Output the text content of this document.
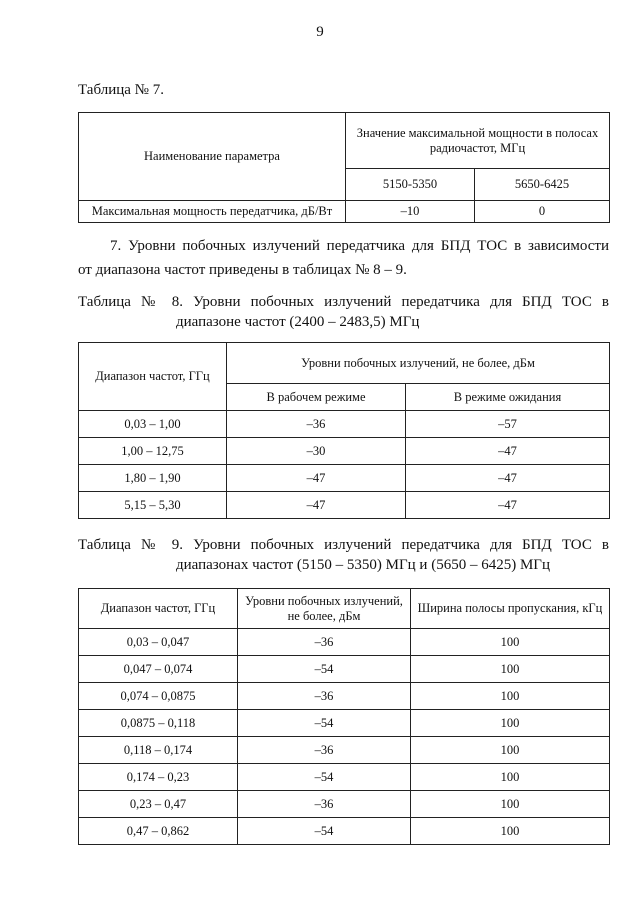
9
Таблица № 7.
Наименование параметра	Значение максимальной мощности в полосах радиочастот, МГц	
	5150-5350	5650-6425
Максимальная мощность передатчика, дБ/Вт	–10	0
7. Уровни побочных излучений передатчика для БПД ТОС в зависимости
от диапазона частот приведены в таблицах № 8 – 9.
Таблица № 8. Уровни побочных излучений передатчика для БПД ТОС в
диапазоне частот (2400 – 2483,5) МГц
Диапазон частот, ГГц	Уровни побочных излучений, не более, дБм	
	В рабочем режиме	В режиме ожидания
0,03 – 1,00	–36	–57
1,00 – 12,75	–30	–47
1,80 – 1,90	–47	–47
5,15 – 5,30	–47	–47
Таблица № 9. Уровни побочных излучений передатчика для БПД ТОС в
диапазонах частот (5150 – 5350) МГц и (5650 – 6425) МГц
Диапазон частот, ГГц	Уровни побочных излучений, не более, дБм	Ширина полосы пропускания, кГц
0,03 – 0,047	–36	100
0,047 – 0,074	–54	100
0,074 – 0,0875	–36	100
0,0875 – 0,118	–54	100
0,118 – 0,174	–36	100
0,174 – 0,23	–54	100
0,23 – 0,47	–36	100
0,47 – 0,862	–54	100
